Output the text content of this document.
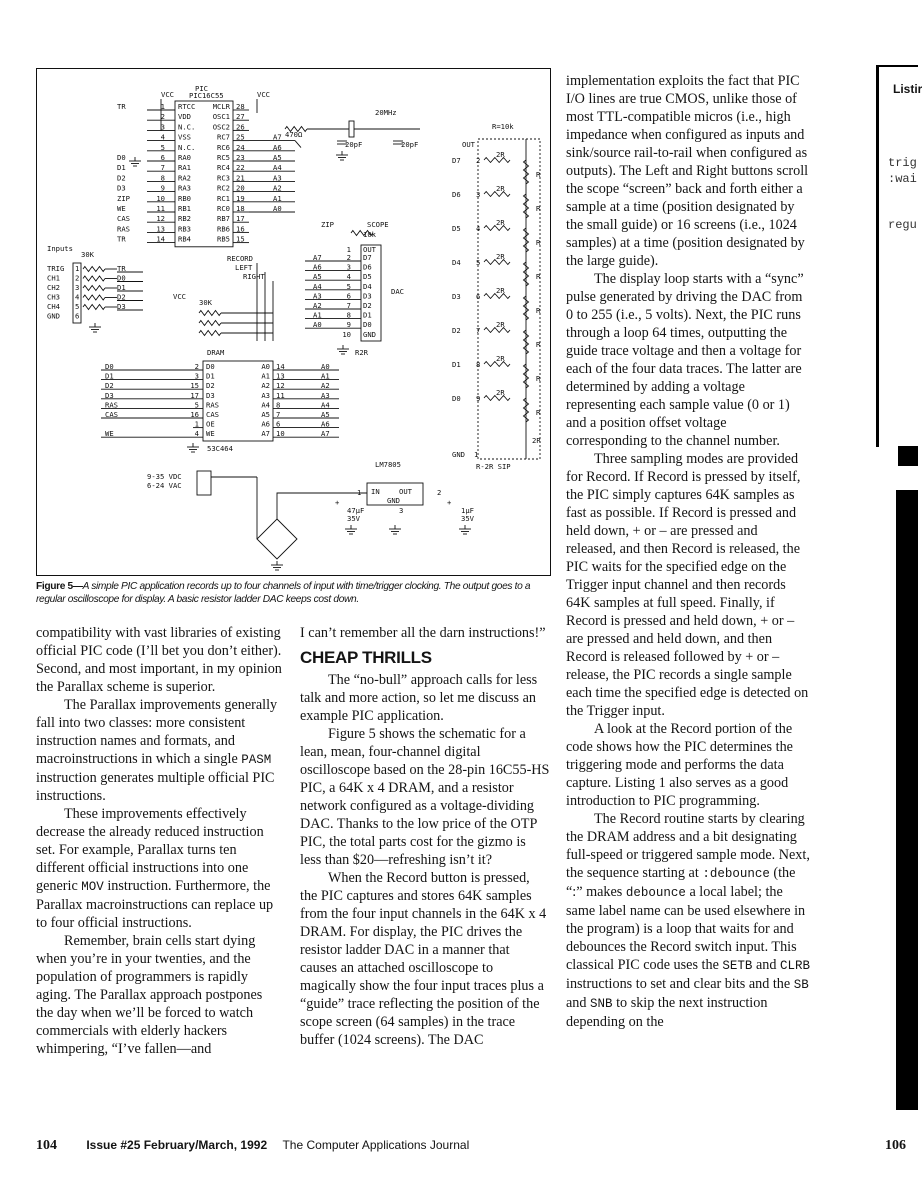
PIC
PIC16C55
VCC	VCC
RTCC
1
TR
VDD
2
N.C.
3
VSS
4
N.C.
5
RA0
6
D0
RA1
7
D1
RA2
8
D2
RA3
9
D3
RB0
10
ZIP
RB1
11
WE
RB2
12
CAS
RB3
13
RAS
RB4
14
TR
MCLR 28
OSC1 27
OSC2 26
RC7 25	A7
RC6 24	A6
RC5 23	A5
RC4 22	A4
RC3 21	A3
RC2 20	A2
RC1 19	A1
RC0 18	A0
RB7 17
RB6 16
RB5 15
20MHz
470Ω
20pF	20pF
Inputs
30K
TRIG 1	TR
CH1 2	D0
CH2 3	D1
CH3 4	D2
CH4 5	D3
GND 6
RECORD
LEFT
RIGHT
VCC
30K
ZIP	SCOPE
10k
OUT
1
2 D7
A7
3 D6
A6
4 D5
A5
5 D4
A4
6 D3
A3
7 D2
A2
8 D1
A1
9 D0
A0
10 GND
DAC
R2R
R=10k
OUT
D7 2
2R
R
D6 3
2R
R
D5 4
2R
R
D4 5
2R
R
D3 6
2R
R
D2 7
2R
R
D1 8
2R
R
D0 9
2R
R
2R
GND 1
R-2R SIP
DRAM
53C464
2 D0
D0
3 D1
D1
15 D2
D2
17 D3
D3
5 RAS
RAS
16 CAS
CAS
1 OE
4 WE
WE
A0 14	A0
A1 13	A1
A2 12	A2
A3 11	A3
A4 8	A4
A5 7	A5
A6 6	A6
A7 10	A7
9-35 VDC
6-24 VAC
LM7805
1	2
IN	OUT
GND
3
+
47µF
35V
+
1µF
35V
Figure 5—A simple PIC application records up to four channels of input with time/trigger clocking. The output goes to a regular oscilloscope for display. A basic resistor ladder DAC keeps cost down.

compatibility with vast libraries of existing official PIC code (I’ll bet you don’t either). Second, and most important, in my opinion the Parallax scheme is superior.

The Parallax improvements generally fall into two classes: more consistent instruction names and formats, and macroinstructions in which a single PASM instruction generates multiple official PIC instructions.

These improvements effectively decrease the already reduced instruction set. For example, Parallax turns ten different official instructions into one generic MOV instruction. Furthermore, the Parallax macroinstructions can replace up to four official instructions.

Remember, brain cells start dying when you’re in your twenties, and the population of programmers is rapidly aging. The Parallax approach postpones the day when we’ll be forced to watch commercials with elderly hackers whimpering, “I’ve fallen—and

I can’t remember all the darn instructions!”

CHEAP THRILLS

The “no-bull” approach calls for less talk and more action, so let me discuss an example PIC application.

Figure 5 shows the schematic for a lean, mean, four-channel digital oscilloscope based on the 28-pin 16C55-HS PIC, a 64K x 4 DRAM, and a resistor network configured as a voltage-dividing DAC. Thanks to the low price of the OTP PIC, the total parts cost for the gizmo is less than $20—refreshing isn’t it?

When the Record button is pressed, the PIC captures and stores 64K samples from the four input channels in the 64K x 4 DRAM. For display, the PIC drives the resistor ladder DAC in a manner that causes an attached oscilloscope to magically show the four input traces plus a “guide” trace reflecting the position of the scope screen (64 samples) in the trace buffer (1024 screens). The DAC

implementation exploits the fact that PIC I/O lines are true CMOS, unlike those of most TTL-compatible micros (i.e., high impedance when configured as inputs and sink/source rail-to-rail when configured as outputs). The Left and Right buttons scroll the scope “screen” back and forth either a sample at a time (position designated by the small guide) or 16 screens (i.e., 1024 samples) at a time (position designated by the large guide).

The display loop starts with a “sync” pulse generated by driving the DAC from 0 to 255 (i.e., 5 volts). Next, the PIC runs through a loop 64 times, outputting the guide trace voltage and then a voltage for each of the four data traces. The latter are determined by adding a voltage representing each sample value (0 or 1) and a position offset voltage corresponding to the channel number.

Three sampling modes are provided for Record. If Record is pressed by itself, the PIC simply captures 64K samples as fast as possible. If Record is pressed and held down, + or – are pressed and released, and then Record is released, the PIC waits for the specified edge on the Trigger input channel and then records 64K samples at full speed. Finally, if Record is pressed and held down, + or – are pressed and held down, and then Record is released followed by + or – release, the PIC records a single sample each time the specified edge is detected on the Trigger input.

A look at the Record portion of the code shows how the PIC determines the triggering mode and performs the data capture. Listing 1 also serves as a good introduction to PIC programming.

The Record routine starts by clearing the DRAM address and a bit designating full-speed or triggered sample mode. Next, the sequence starting at :debounce (the “:” makes debounce a local label; the same label name can be used elsewhere in the program) is a loop that waits for and debounces the Record switch input. This classical PIC code uses the SETB and CLRB instructions to set and clear bits and the SB and SNB to skip the next instruction depending on the

104 Issue #25 February/March, 1992 The Computer Applications Journal	106
Listir
trig
:wai
regu
